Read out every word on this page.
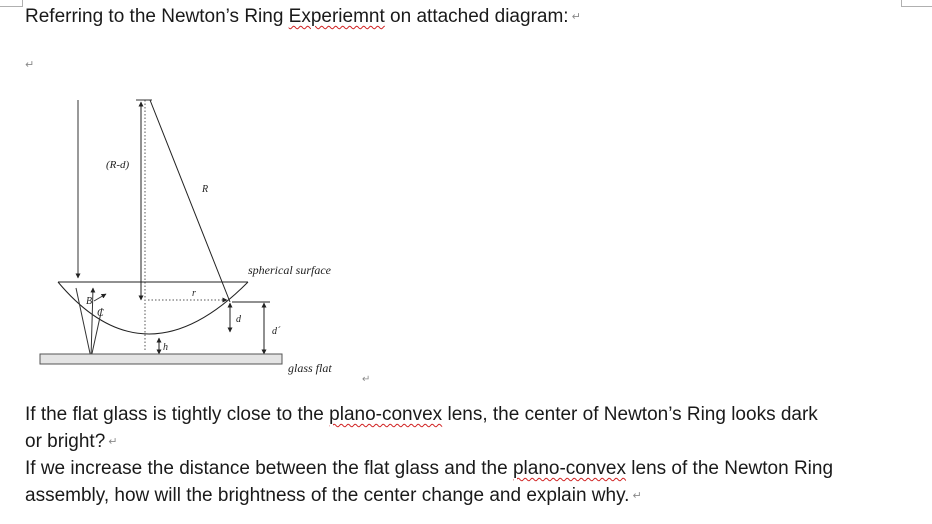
Referring to the Newton’s Ring Experiemnt on attached diagram: ↵
↵
(R-d)
R
spherical surface
r
d
d´
h
B
C
glass flat
↵
If the flat glass is tightly close to the plano-convex lens, the center of Newton’s Ring looks dark
or bright? ↵
If we increase the distance between the flat glass and the plano-convex lens of the Newton Ring
assembly, how will the brightness of the center change and explain why. ↵
